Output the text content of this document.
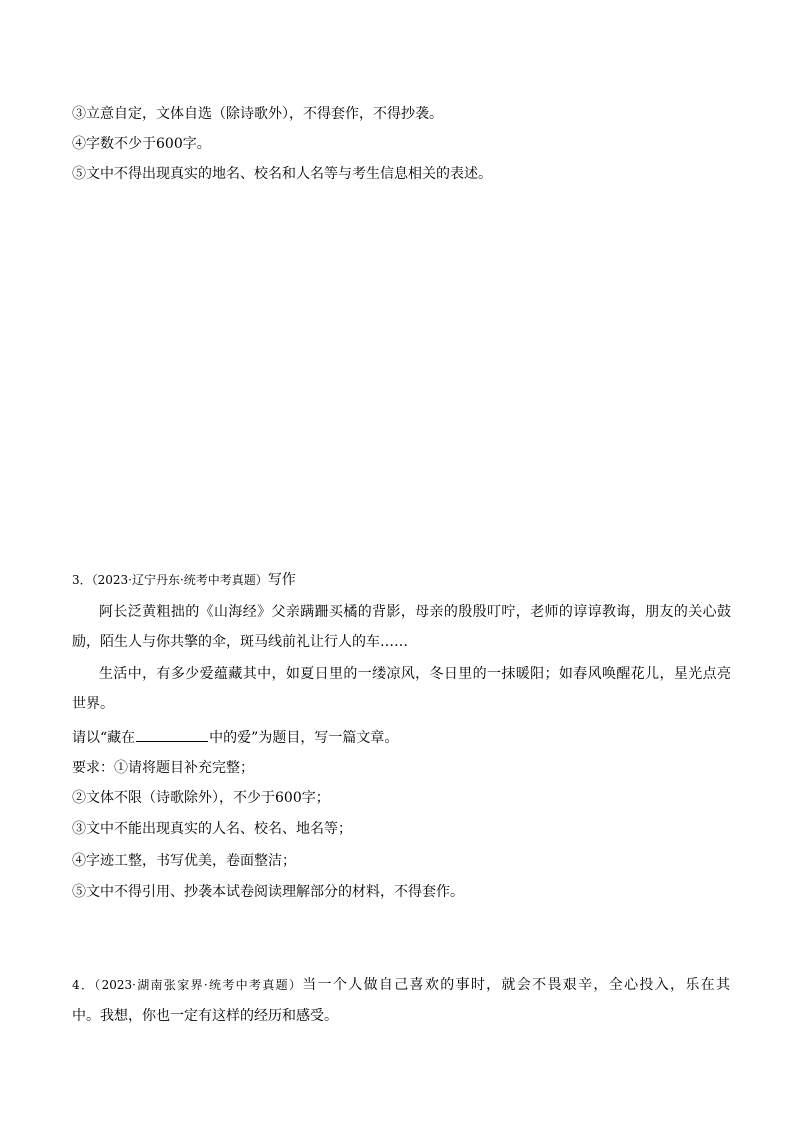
③立意自定，文体自选（除诗歌外），不得套作，不得抄袭。
④字数不少于600字。
⑤文中不得出现真实的地名、校名和人名等与考生信息相关的表述。
3．（2023·辽宁丹东·统考中考真题）写作
阿长泛黄粗拙的《山海经》父亲蹒跚买橘的背影，母亲的殷殷叮咛，老师的谆谆教诲，朋友的关心鼓
励，陌生人与你共擎的伞，斑马线前礼让行人的车……
生活中，有多少爱蕴藏其中，如夏日里的一缕凉风，冬日里的一抹暖阳；如春风唤醒花儿，星光点亮
世界。
请以“藏在	中的爱”为题目，写一篇文章。
要求：①请将题目补充完整；
②文体不限（诗歌除外），不少于600字；
③文中不能出现真实的人名、校名、地名等；
④字迹工整，书写优美，卷面整洁；
⑤文中不得引用、抄袭本试卷阅读理解部分的材料，不得套作。
4．（2023·湖南张家界·统考中考真题）当一个人做自己喜欢的事时，就会不畏艰辛，全心投入，乐在其
中。我想，你也一定有这样的经历和感受。
